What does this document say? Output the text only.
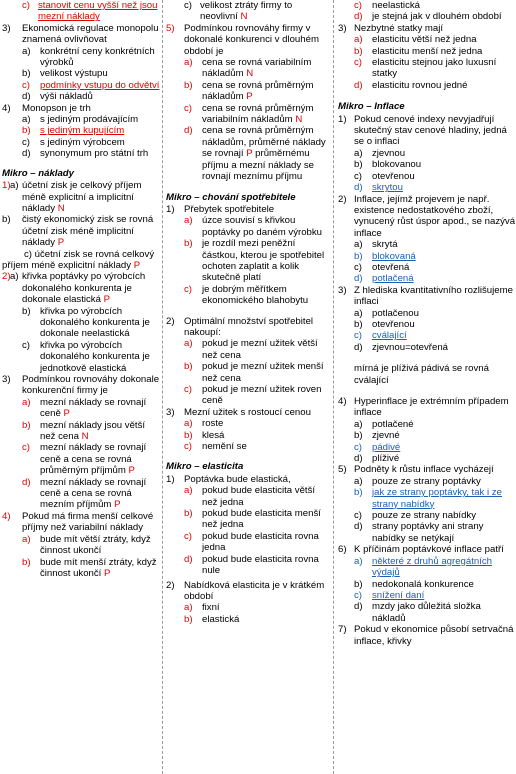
c) stanovit cenu vyšší než jsou mezní náklady
3) Ekonomická regulace monopolu znamená ovlivňovat
a) konkrétní ceny konkrétních výrobků
b) velikost výstupu
c) podmínky vstupu do odvětví
d) výši nákladů
4) Monopson je trh
a) s jediným prodávajícím
b) s jediným kupujícím
c) s jediným výrobcem
d) synonymum pro státní trh
Mikro – náklady
1) a) účetní zisk je celkový příjem méně explicitní a implicitní náklady N
b) čistý ekonomický zisk se rovná účetní zisk méně implicitní náklady P
c) účetní zisk se rovná celkový příjem méně explicitní náklady P
2) a) křivka poptávky po výrobcích dokonalého konkurenta je dokonale elastická P
b) křivka po výrobcích dokonalého konkurenta je dokonale neelastická
c) křivka po výrobcích dokonalého konkurenta je jednotkově elastická
3) Podmínkou rovnováhy dokonale konkurenční firmy je
a) mezní náklady se rovnají ceně P
b) mezní náklady jsou větší než cena N
c) mezní náklady se rovnají ceně a cena se rovná průměrným příjmům P
d) mezní náklady se rovnají ceně a cena se rovná mezním příjmům P
4) Pokud má firma menší celkové příjmy než variabilní náklady
a) bude mít větší ztráty, když činnost ukončí
b) bude mít menší ztráty, když činnost ukončí P
c) velikost ztráty firmy to neovlivní N
5) Podmínkou rovnováhy firmy v dokonalé konkurenci v dlouhém období je
a) cena se rovná variabilním nákladům N
b) cena se rovná průměrným nákladům P
c) cena se rovná průměrným variabilním nákladům N
d) cena se rovná průměrným nákladům, průměrné náklady se rovnají P průměrnému příjmu a mezní náklady se rovnají meznímu příjmu
Mikro – chování spotřebitele
1) Přebytek spotřebitele
a) úzce souvisí s křivkou poptávky po daném výrobku
b) je rozdíl mezi peněžní částkou, kterou je spotřebitel ochoten zaplatit a kolik skutečně platí
c) je dobrým měřítkem ekonomického blahobytu
2) Optimální množství spotřebitel nakoupí:
a) pokud je mezní užitek větší než cena
b) pokud je mezní užitek menší než cena
c) pokud je mezní užitek roven ceně
3) Mezní užitek s rostoucí cenou
a) roste
b) klesá
c) nemění se
Mikro – elasticita
1) Poptávka bude elastická,
a) pokud bude elasticita větší než jedna
b) pokud bude elasticita menší než jedna
c) pokud bude elasticita rovna jedna
d) pokud bude elasticita rovna nule
2) Nabídková elasticita je v krátkém období
a) fixní
b) elastická
c) neelastická
d) je stejná jak v dlouhém období
3) Nezbytné statky mají
a) elasticitu větší než jedna
b) elasticitu menší než jedna
c) elasticitu stejnou jako luxusní statky
d) elasticitu rovnou jedné
Mikro – Inflace
1) Pokud cenové indexy nevyjadřují skutečný stav cenové hladiny, jedná se o inflaci
a) zjevnou
b) blokovanou
c) otevřenou
d) skrytou
2) Inflace, jejímž projevem je např. existence nedostatkového zboží, vynucený růst úspor apod., se nazývá inflace
a) skrytá
b) blokovaná
c) otevřená
d) potlačená
3) Z hlediska kvantitativního rozlišujeme inflaci
a) potlačenou
b) otevřenou
c) cválající
d) zjevnou=otevřená
mírná je plíživá pádivá se rovná cválající
4) Hyperinflace je extrémním případem inflace
a) potlačené
b) zjevné
c) pádivé
d) plíživé
5) Podněty k růstu inflace vycházejí
a) pouze ze strany poptávky
b) jak ze strany poptávky, tak i ze strany nabídky
c) pouze ze strany nabídky
d) strany poptávky ani strany nabídky se netýkají
6) K příčinám poptávkové inflace patří
a) některé z druhů agregátních výdajů
b) nedokonalá konkurence
c) snížení daní
d) mzdy jako důležitá složka nákladů
7) Pokud v ekonomice působí setrvačná inflace, křivky
